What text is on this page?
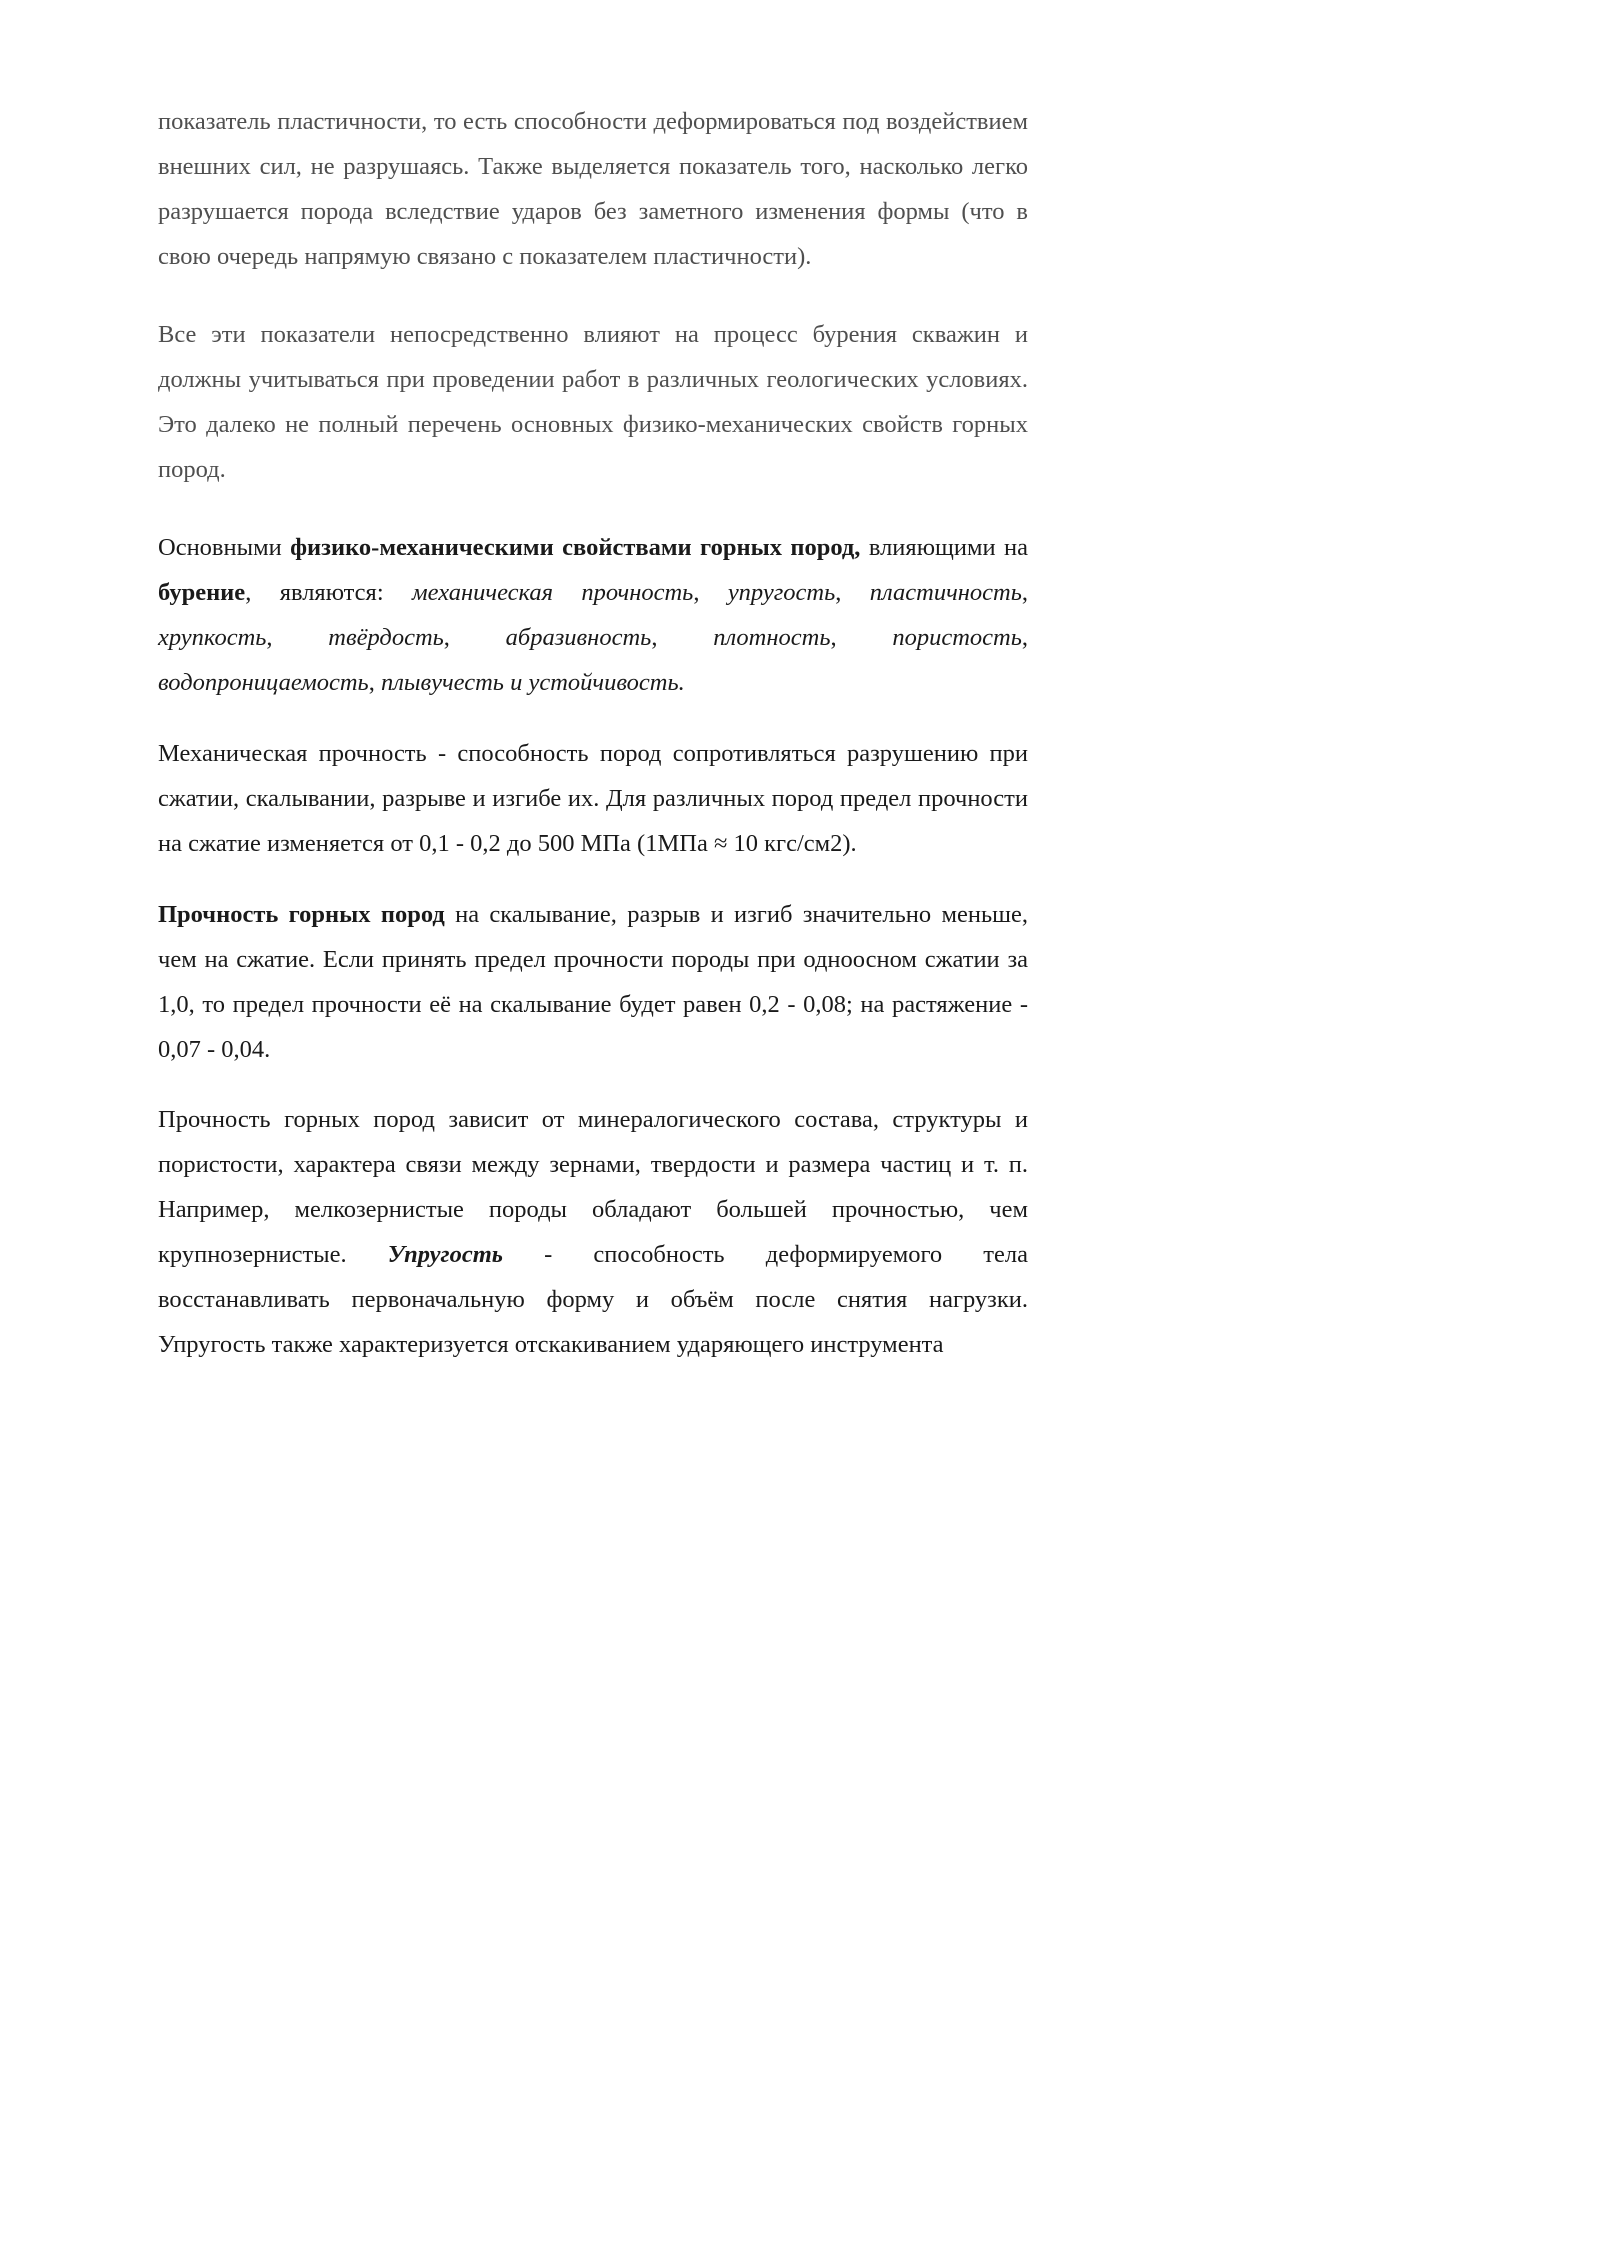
показатель пластичности, то есть способности деформироваться под воздействием внешних сил, не разрушаясь. Также выделяется показатель того, насколько легко разрушается порода вследствие ударов без заметного изменения формы (что в свою очередь напрямую связано с показателем пластичности).

Все эти показатели непосредственно влияют на процесс бурения скважин и должны учитываться при проведении работ в различных геологических условиях. Это далеко не полный перечень основных физико-механических свойств горных пород.

Основными физико-механическими свойствами горных пород, влияющими на бурение, являются: механическая прочность, упругость, пластичность, хрупкость, твёрдость, абразивность, плотность, пористость, водопроницаемость, плывучесть и устойчивость.

Механическая прочность - способность пород сопротивляться разрушению при сжатии, скалывании, разрыве и изгибе их. Для различных пород предел прочности на сжатие изменяется от 0,1 - 0,2 до 500 МПа (1МПа ≈ 10 кгс/см2).

Прочность горных пород на скалывание, разрыв и изгиб значительно меньше, чем на сжатие. Если принять предел прочности породы при одноосном сжатии за 1,0, то предел прочности её на скалывание будет равен 0,2 - 0,08; на растяжение - 0,07 - 0,04.

Прочность горных пород зависит от минералогического состава, структуры и пористости, характера связи между зернами, твердости и размера частиц и т. п. Например, мелкозернистые породы обладают большей прочностью, чем крупнозернистые. Упругость - способность деформируемого тела восстанавливать первоначальную форму и объём после снятия нагрузки. Упругость также характеризуется отскакиванием ударяющего инструмента
